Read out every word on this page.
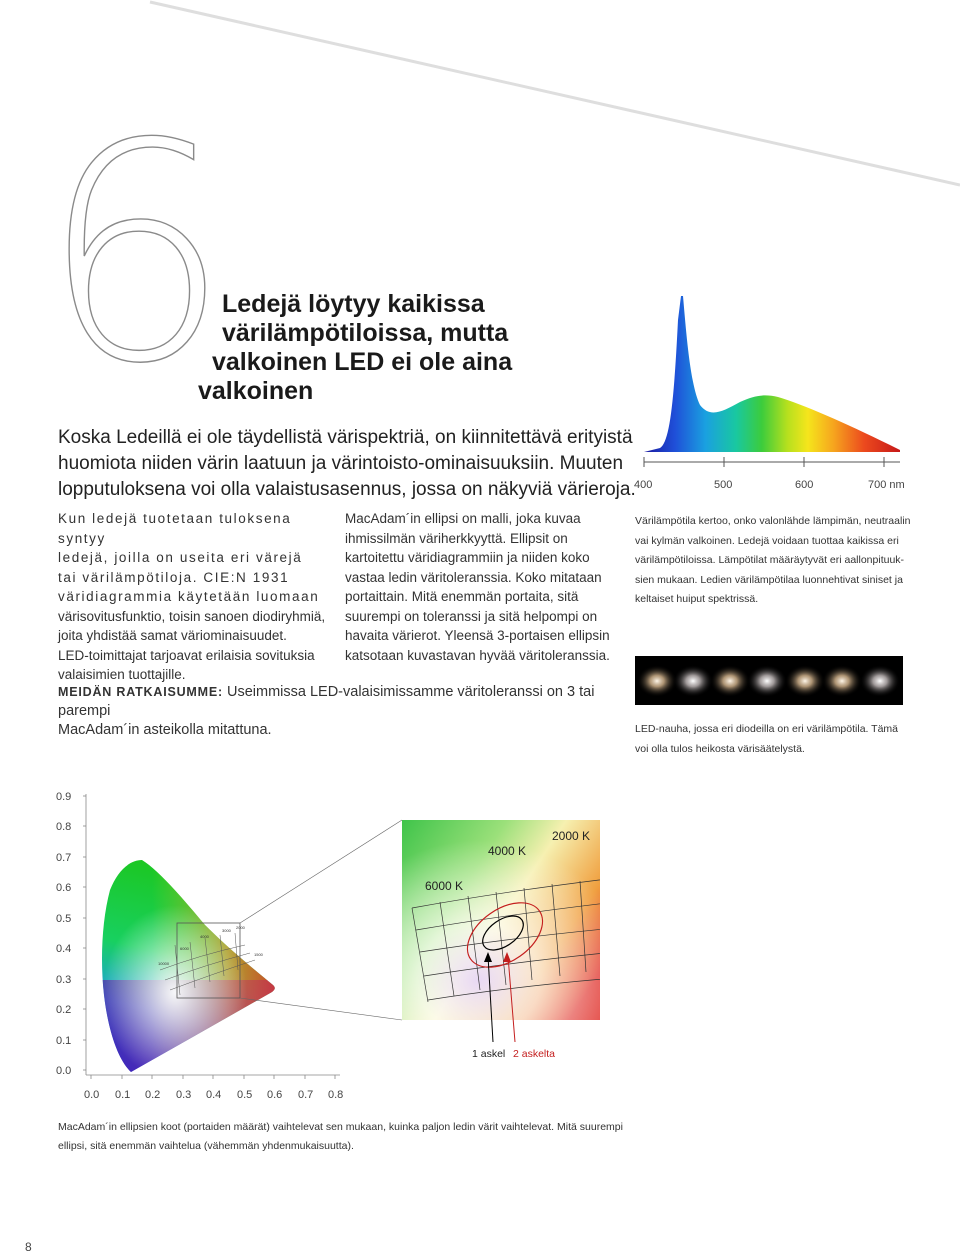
6
Ledejä löytyy kaikissa
värilämpötiloissa, mutta
valkoinen LED ei ole aina
valkoinen
Koska Ledeillä ei ole täydellistä värispektriä, on kiinnitettävä erityistä
huomiota niiden värin laatuun ja värintoisto-ominaisuuksiin. Muuten
lopputuloksena voi olla valaistusasennus, jossa on näkyviä värieroja.
400	500	600	700 nm
Kun ledejä tuotetaan tuloksena syntyy
ledejä, joilla on useita eri värejä
tai värilämpötiloja. CIE:N 1931
väridiagrammia käytetään luomaan
värisovitusfunktio, toisin sanoen diodiryhmiä,
joita yhdistää samat väriominaisuudet.
LED-toimittajat tarjoavat erilaisia sovituksia
valaisimien tuottajille.
MacAdam´in ellipsi on malli, joka kuvaa
ihmissilmän väriherkkyyttä. Ellipsit on
kartoitettu väridiagrammiin ja niiden koko
vastaa ledin väritoleranssia. Koko mitataan
portaittain. Mitä enemmän portaita, sitä
suurempi on toleranssi ja sitä helpompi on
havaita värierot. Yleensä 3-portaisen ellipsin
katsotaan kuvastavan hyvää väritoleranssia.
Värilämpötila kertoo, onko valonlähde lämpimän, neutraalin
vai kylmän valkoinen. Ledejä voidaan tuottaa kaikissa eri
värilämpötiloissa. Lämpötilat määräytyvät eri aallonpituuk-
sien mukaan. Ledien värilämpötilaa luonnehtivat siniset ja
keltaiset huiput spektrissä.
LED-nauha, jossa eri diodeilla on eri värilämpötila. Tämä
voi olla tulos heikosta värisäätelystä.
MEIDÄN RATKAISUMME: Useimmissa LED-valaisimissamme väritoleranssi on 3 tai parempi
MacAdam´in asteikolla mitattuna.
0.9
0.8
0.7
0.6
0.5
0.4
0.3
0.2
0.1
0.0
10000
6000
4000
3000
2000
1500
2000 K
4000 K
6000 K
1 askel 2 askelta
0.0 0.1 0.2 0.3 0.4 0.5 0.6 0.7 0.8
MacAdam´in ellipsien koot (portaiden määrät) vaihtelevat sen mukaan, kuinka paljon ledin värit vaihtelevat. Mitä suurempi
ellipsi, sitä enemmän vaihtelua (vähemmän yhdenmukaisuutta).
8
